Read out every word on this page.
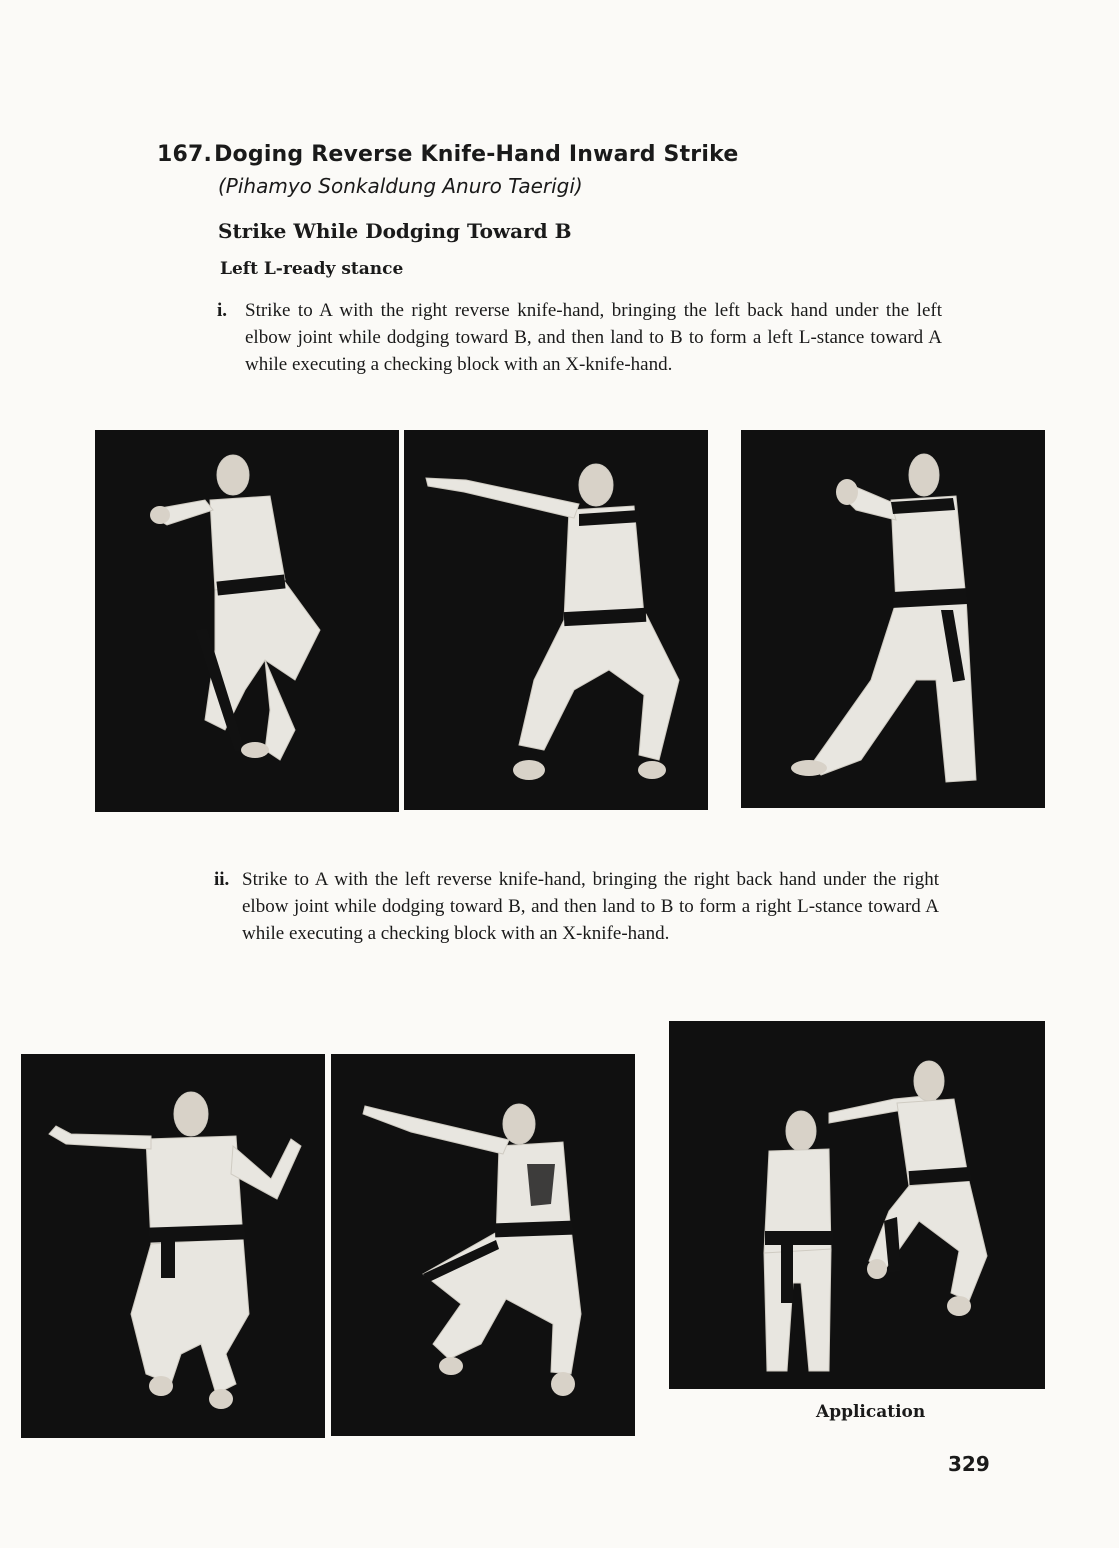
167.Doging Reverse Knife-Hand Inward Strike
(Pihamyo Sonkaldung Anuro Taerigi)
Strike While Dodging Toward B
Left L-ready stance
i. Strike to A with the right reverse knife-hand, bringing the left back hand under the left elbow joint while dodging toward B, and then land to B to form a left L-stance toward A while executing a checking block with an X-knife-hand.
ii. Strike to A with the left reverse knife-hand, bringing the right back hand under the right elbow joint while dodging toward B, and then land to B to form a right L-stance toward A while executing a checking block with an X-knife-hand.
Application
329
